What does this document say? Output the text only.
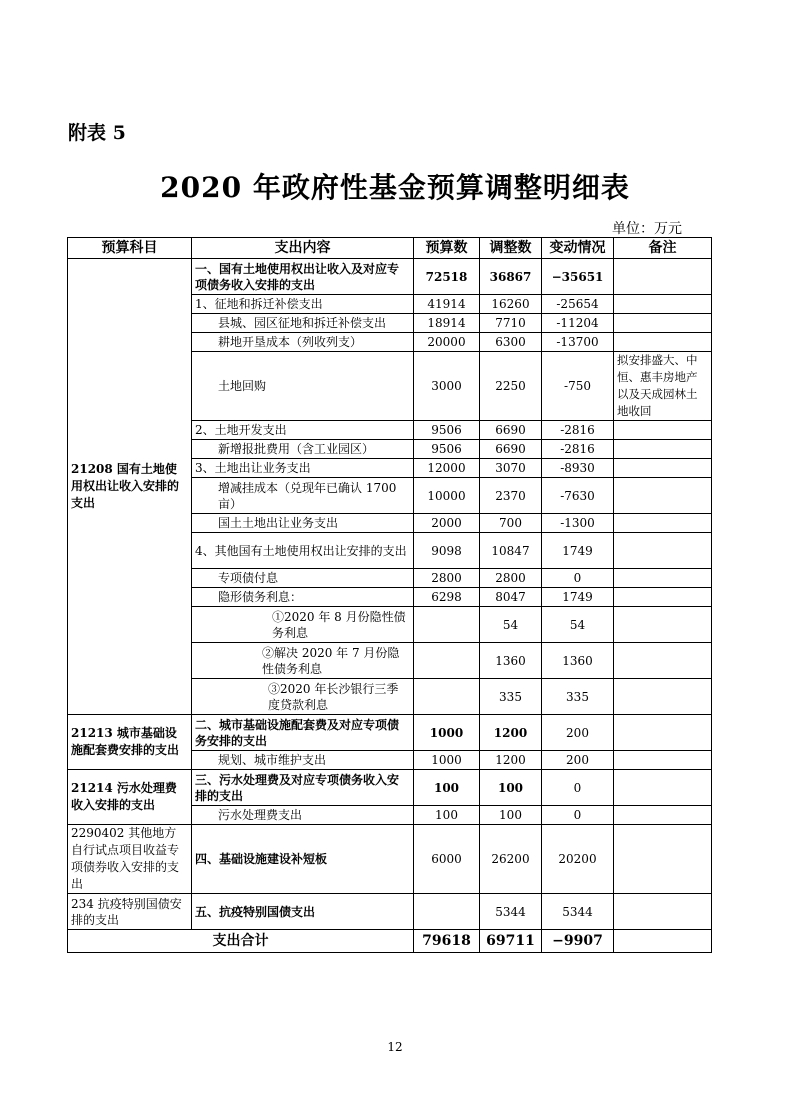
附表 5
2020 年政府性基金预算调整明细表
单位：万元
预算科目	支出内容	预算数	调整数	变动情况	备注
21208 国有土地使用权出让收入安排的支出	一、国有土地使用权出让收入及对应专项债务收入安排的支出	72518	36867	−35651	
	1、征地和拆迁补偿支出	41914	16260	-25654	
	县城、园区征地和拆迁补偿支出	18914	7710	-11204	
	耕地开垦成本（列收列支）	20000	6300	-13700	
	土地回购	3000	2250	-750	拟安排盛大、中恒、惠丰房地产以及天成园林土地收回
	2、土地开发支出	9506	6690	-2816	
	新增报批费用（含工业园区）	9506	6690	-2816	
	3、土地出让业务支出	12000	3070	-8930	
	增减挂成本（兑现年已确认 1700 亩）	10000	2370	-7630	
	国土土地出让业务支出	2000	700	-1300	
	4、其他国有土地使用权出让安排的支出	9098	10847	1749	
	专项债付息	2800	2800	0	
	隐形债务利息：	6298	8047	1749	
	①2020 年 8 月份隐性债务利息		54	54	
	②解决 2020 年 7 月份隐性债务利息		1360	1360	
	③2020 年长沙银行三季度贷款利息		335	335	
21213 城市基础设施配套费安排的支出	二、城市基础设施配套费及对应专项债务安排的支出	1000	1200	200	
	规划、城市维护支出	1000	1200	200	
21214 污水处理费收入安排的支出	三、污水处理费及对应专项债务收入安排的支出	100	100	0	
	污水处理费支出	100	100	0	
2290402 其他地方自行试点项目收益专项债券收入安排的支出	四、基础设施建设补短板	6000	26200	20200	
234 抗疫特别国债安排的支出	五、抗疫特别国债支出		5344	5344	
支出合计		79618	69711	−9907	
12
